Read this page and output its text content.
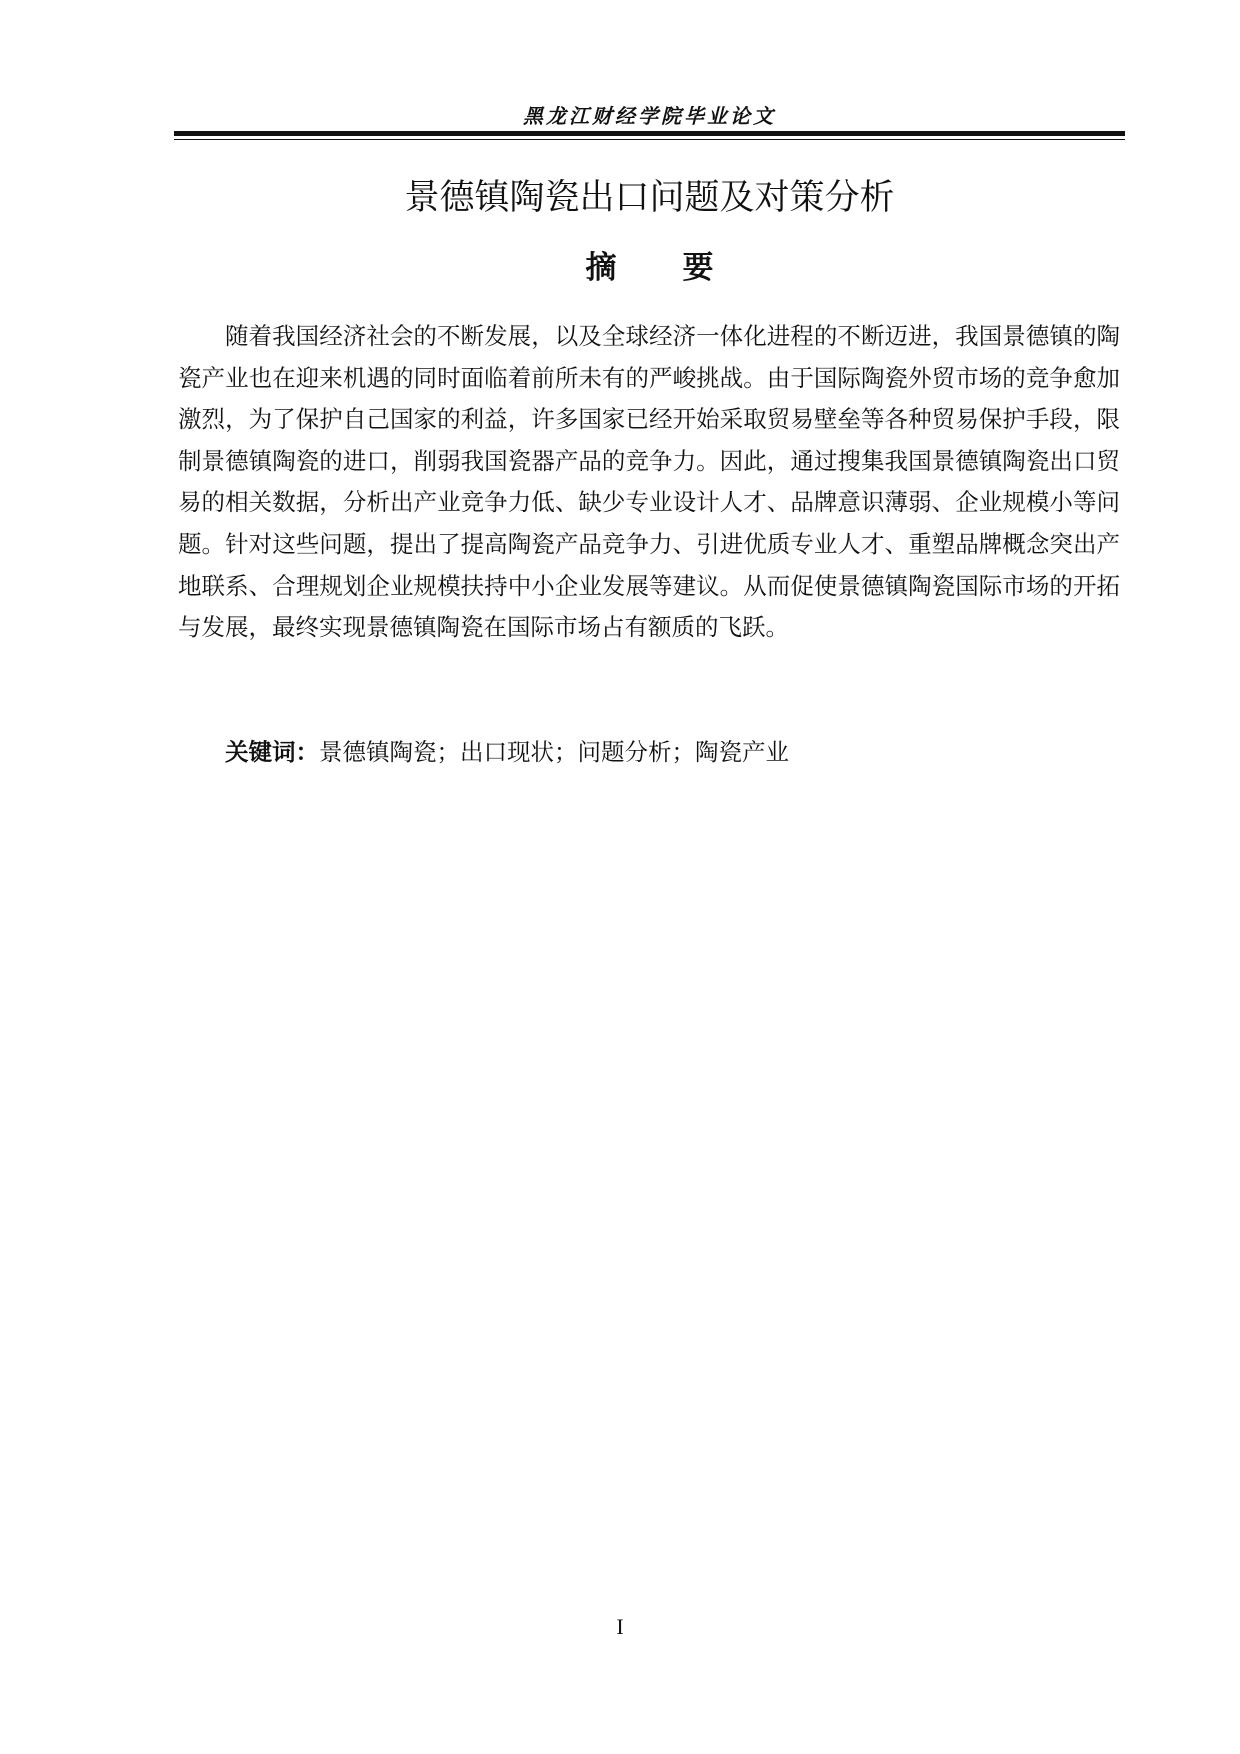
黑龙江财经学院毕业论文
景德镇陶瓷出口问题及对策分析
摘要

随着我国经济社会的不断发展，以及全球经济一体化进程的不断迈进，我国景德镇的陶瓷产业也在迎来机遇的同时面临着前所未有的严峻挑战。由于国际陶瓷外贸市场的竞争愈加激烈，为了保护自己国家的利益，许多国家已经开始采取贸易壁垒等各种贸易保护手段，限制景德镇陶瓷的进口，削弱我国瓷器产品的竞争力。因此，通过搜集我国景德镇陶瓷出口贸易的相关数据，分析出产业竞争力低、缺少专业设计人才、品牌意识薄弱、企业规模小等问题。针对这些问题，提出了提高陶瓷产品竞争力、引进优质专业人才、重塑品牌概念突出产地联系、合理规划企业规模扶持中小企业发展等建议。从而促使景德镇陶瓷国际市场的开拓与发展，最终实现景德镇陶瓷在国际市场占有额质的飞跃。

关键词：景德镇陶瓷；出口现状；问题分析；陶瓷产业
I
